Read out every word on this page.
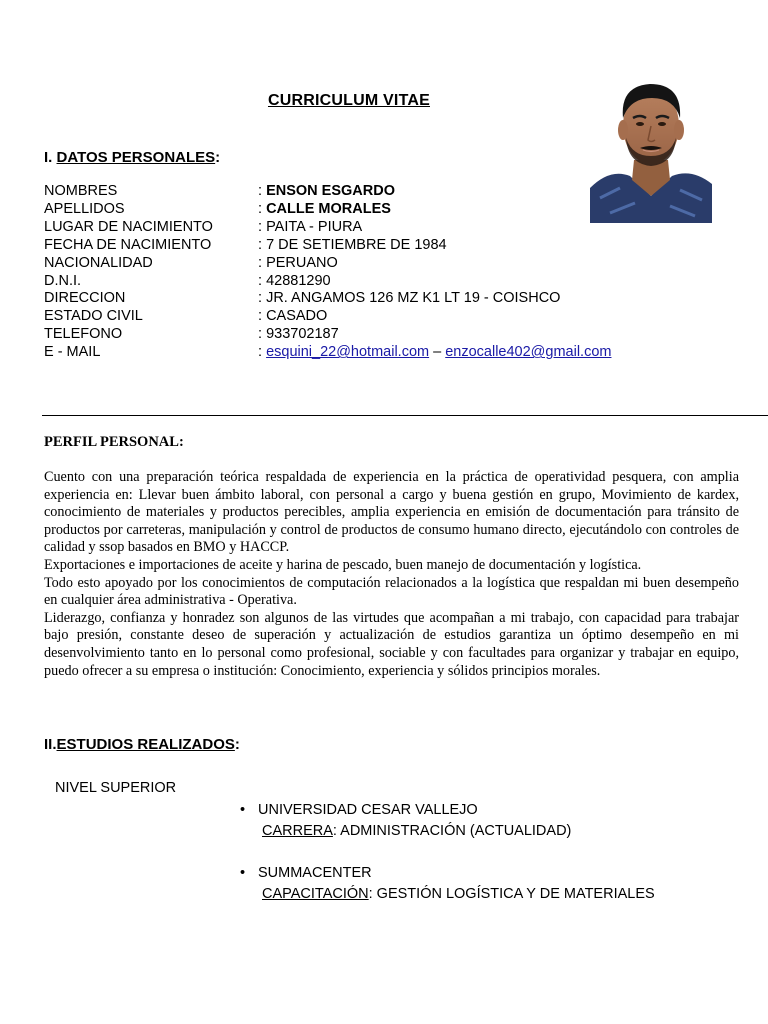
CURRICULUM VITAE
I. DATOS PERSONALES:
NOMBRES	: ENSON ESGARDO
APELLIDOS	: CALLE MORALES
LUGAR DE NACIMIENTO	: PAITA - PIURA
FECHA DE NACIMIENTO	: 7 DE SETIEMBRE DE 1984
NACIONALIDAD	: PERUANO
D.N.I.	: 42881290
DIRECCION	: JR. ANGAMOS 126 MZ K1 LT 19 - COISHCO
ESTADO CIVIL	: CASADO
TELEFONO	: 933702187
E - MAIL	: esquini_22@hotmail.com – enzocalle402@gmail.com
PERFIL PERSONAL:

Cuento con una preparación teórica respaldada de experiencia en la práctica de operatividad pesquera, con amplia experiencia en: Llevar buen ámbito laboral, con personal a cargo y buena gestión en grupo, Movimiento de kardex, conocimiento de materiales y productos perecibles, amplia experiencia en emisión de documentación para tránsito de productos por carreteras, manipulación y control de productos de consumo humano directo, ejecutándolo con controles de calidad y ssop basados en BMO y HACCP.

Exportaciones e importaciones de aceite y harina de pescado, buen manejo de documentación y logística.

Todo esto apoyado por los conocimientos de computación relacionados a la logística que respaldan mi buen desempeño en cualquier área administrativa - Operativa.

Liderazgo, confianza y honradez son algunos de las virtudes que acompañan a mi trabajo, con capacidad para trabajar bajo presión, constante deseo de superación y actualización de estudios garantiza un óptimo desempeño en mi desenvolvimiento tanto en lo personal como profesional, sociable y con facultades para organizar y trabajar en equipo, puedo ofrecer a su empresa o institución: Conocimiento, experiencia y sólidos principios morales.

II.ESTUDIOS REALIZADOS:
NIVEL SUPERIOR
• UNIVERSIDAD CESAR VALLEJO
CARRERA: ADMINISTRACIÓN (ACTUALIDAD)
• SUMMACENTER
CAPACITACIÓN: GESTIÓN LOGÍSTICA Y DE MATERIALES
